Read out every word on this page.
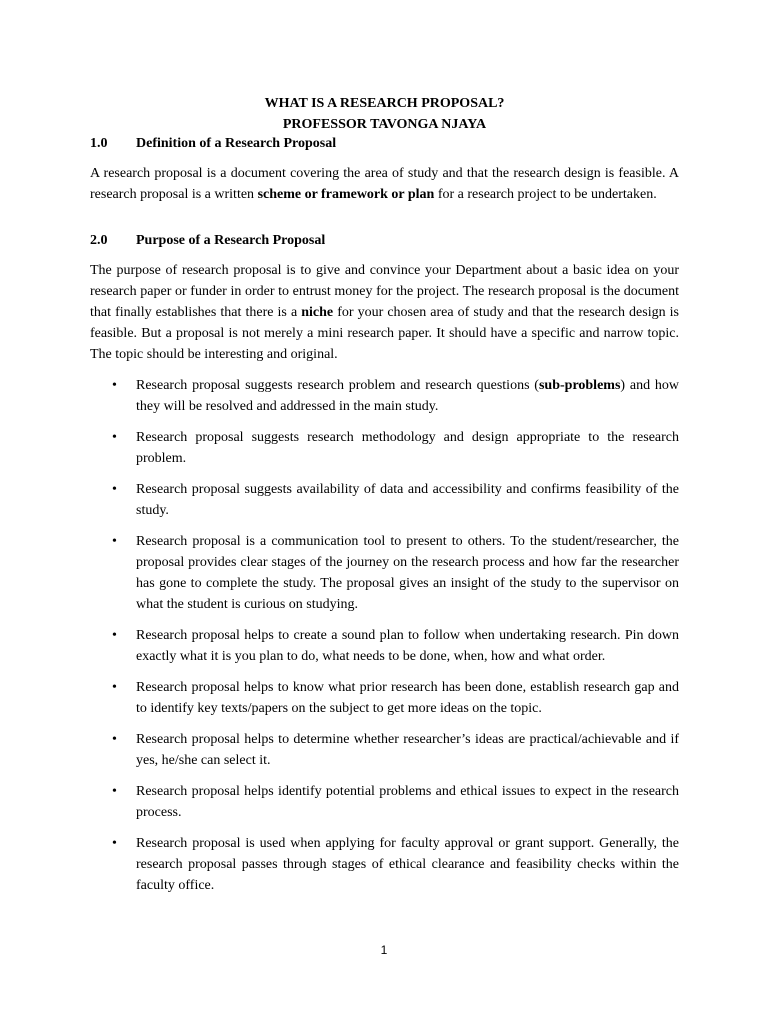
WHAT IS A RESEARCH PROPOSAL?
PROFESSOR TAVONGA NJAYA
1.0	Definition of a Research Proposal

A research proposal is a document covering the area of study and that the research design is feasible. A research proposal is a written scheme or framework or plan for a research project to be undertaken.

2.0	Purpose of a Research Proposal

The purpose of research proposal is to give and convince your Department about a basic idea on your research paper or funder in order to entrust money for the project. The research proposal is the document that finally establishes that there is a niche for your chosen area of study and that the research design is feasible. But a proposal is not merely a mini research paper. It should have a specific and narrow topic. The topic should be interesting and original.

• Research proposal suggests research problem and research questions (sub-problems) and how they will be resolved and addressed in the main study.
• Research proposal suggests research methodology and design appropriate to the research problem.
• Research proposal suggests availability of data and accessibility and confirms feasibility of the study.
• Research proposal is a communication tool to present to others. To the student/researcher, the proposal provides clear stages of the journey on the research process and how far the researcher has gone to complete the study. The proposal gives an insight of the study to the supervisor on what the student is curious on studying.
• Research proposal helps to create a sound plan to follow when undertaking research. Pin down exactly what it is you plan to do, what needs to be done, when, how and what order.
• Research proposal helps to know what prior research has been done, establish research gap and to identify key texts/papers on the subject to get more ideas on the topic.
• Research proposal helps to determine whether researcher’s ideas are practical/achievable and if yes, he/she can select it.
• Research proposal helps identify potential problems and ethical issues to expect in the research process.
• Research proposal is used when applying for faculty approval or grant support. Generally, the research proposal passes through stages of ethical clearance and feasibility checks within the faculty office.
1
